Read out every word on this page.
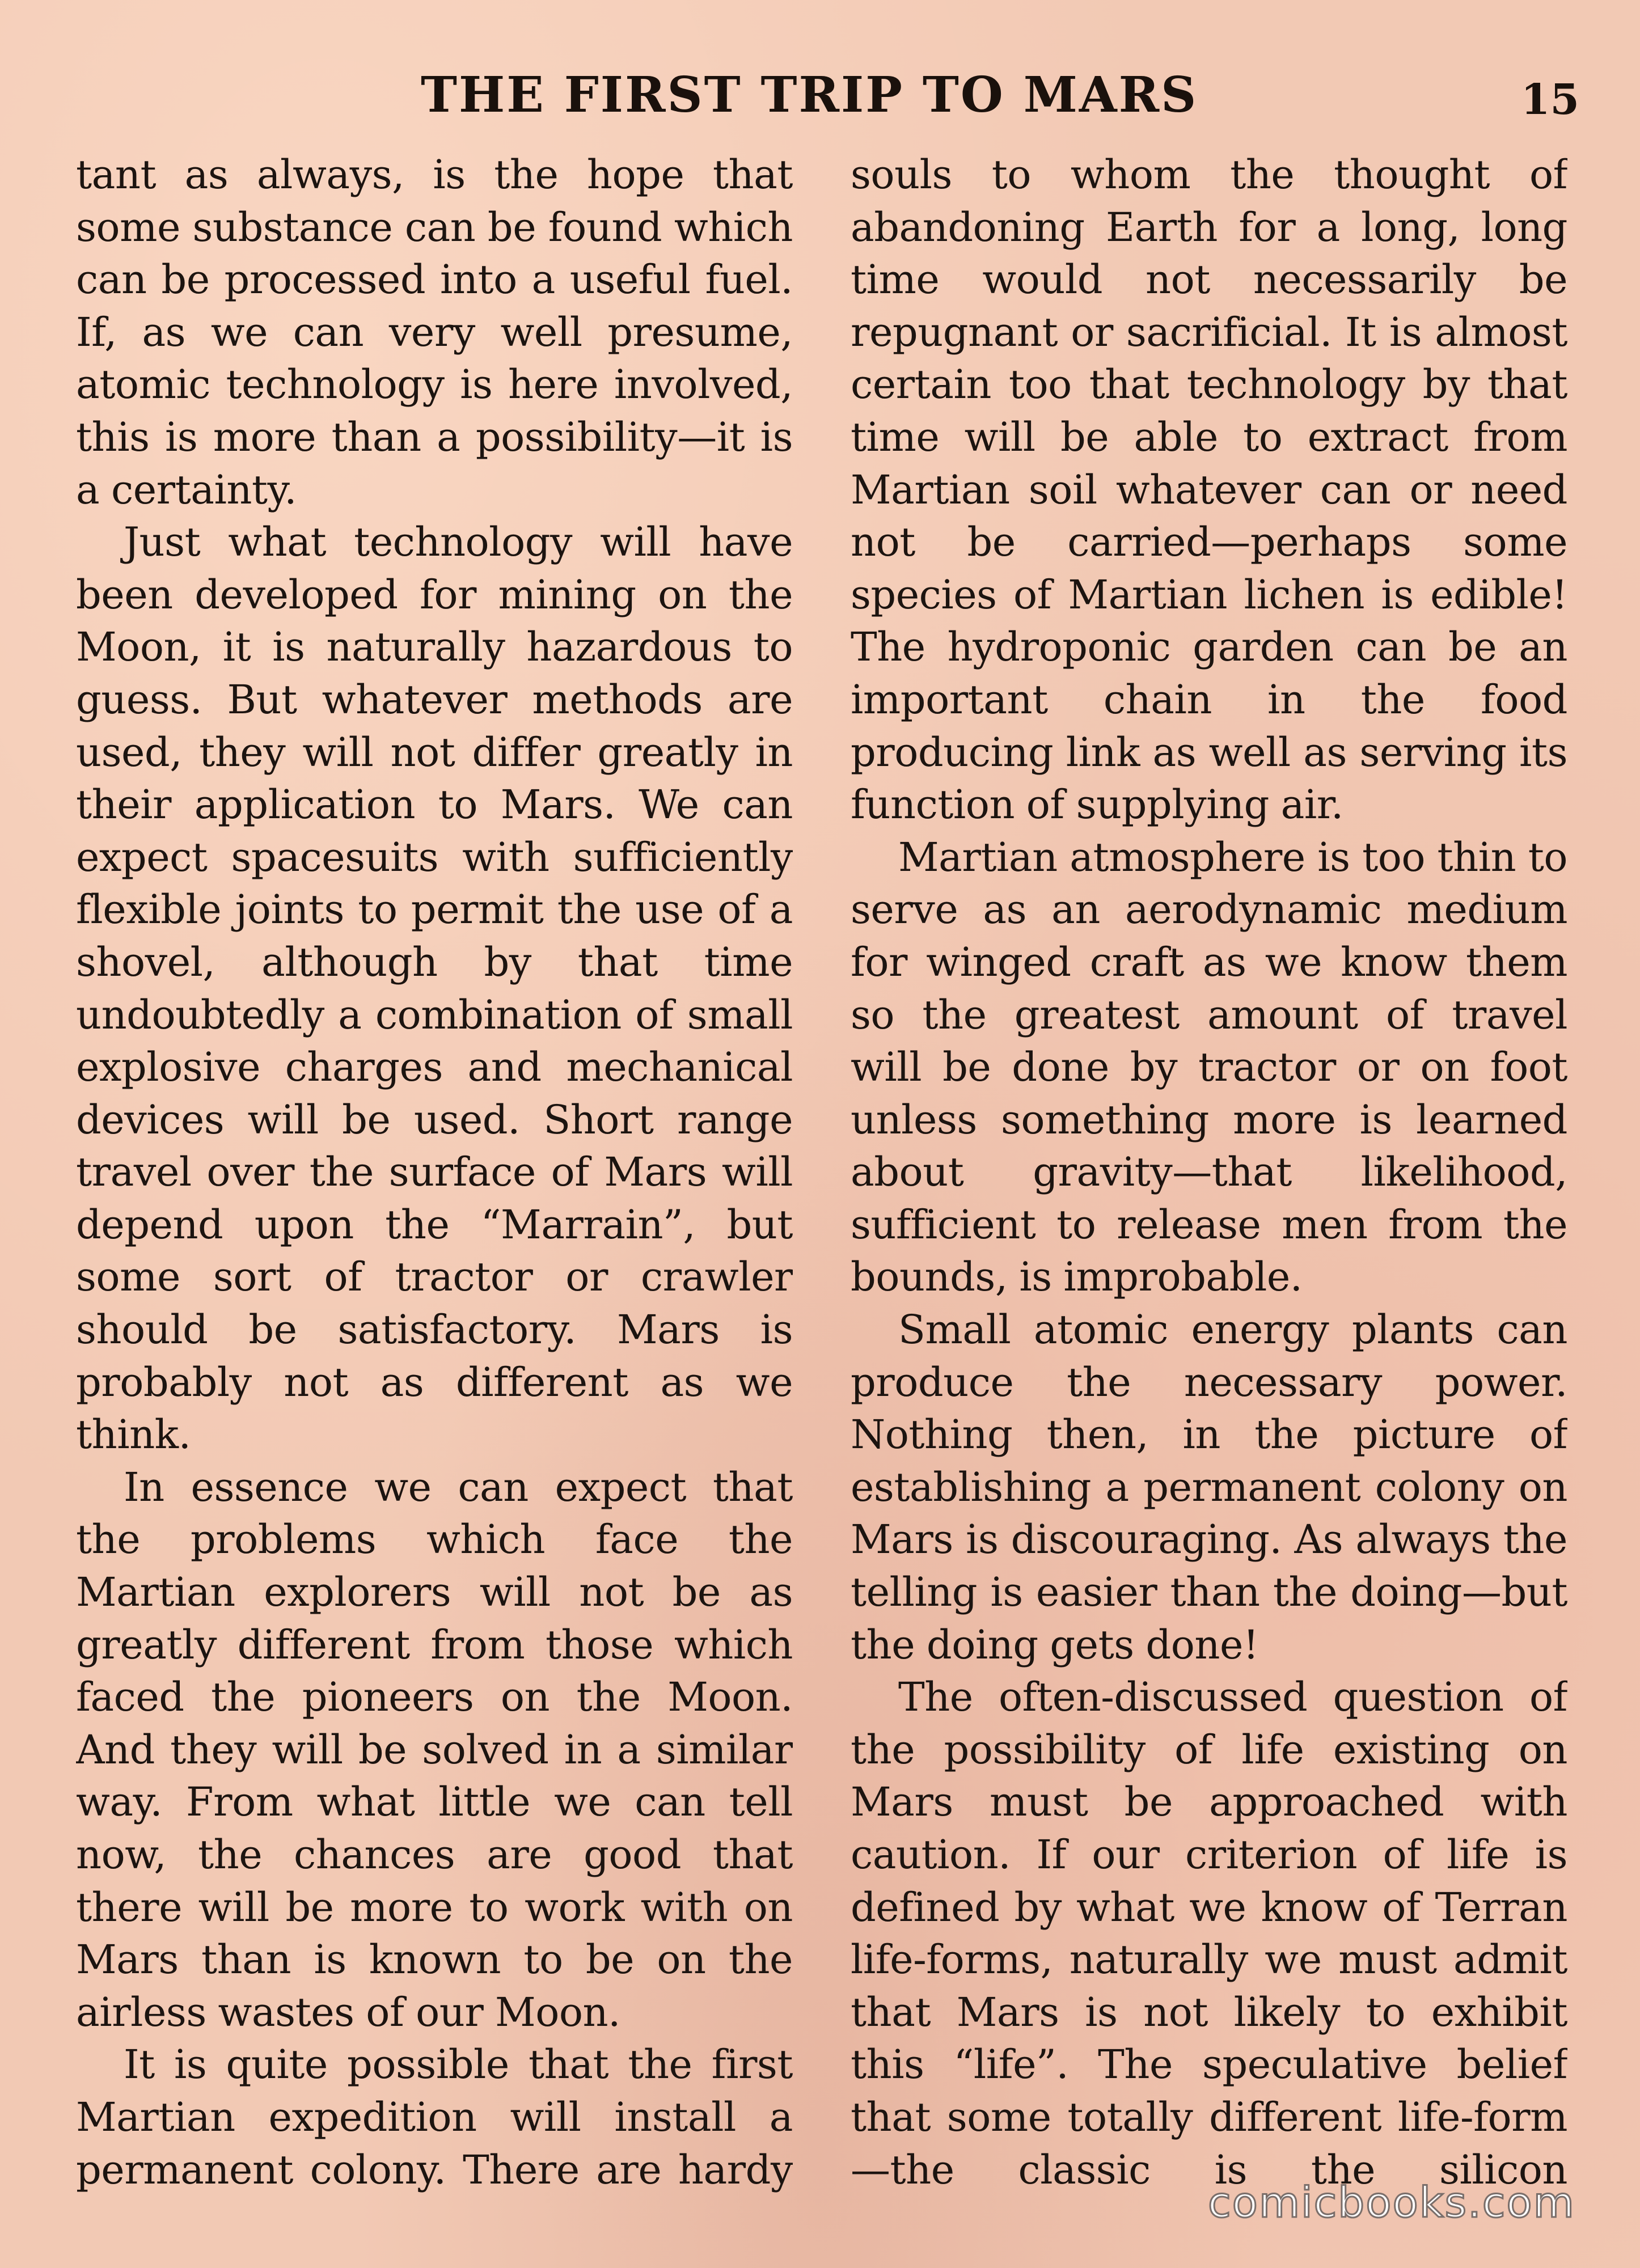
THE FIRST TRIP TO MARS	15

tant as always, is the hope that some substance can be found which can be processed into a useful fuel. If, as we can very well presume, atomic technology is here involved, this is more than a possibility—it is a certainty.

Just what technology will have been developed for mining on the Moon, it is naturally hazardous to guess. But whatever methods are used, they will not differ greatly in their application to Mars. We can expect spacesuits with sufficiently flexible joints to permit the use of a shovel, although by that time undoubtedly a combination of small explosive charges and mechanical devices will be used. Short range travel over the surface of Mars will depend upon the “Marrain”, but some sort of tractor or crawler should be satisfactory. Mars is probably not as different as we think.

In essence we can expect that the problems which face the Martian explorers will not be as greatly different from those which faced the pioneers on the Moon. And they will be solved in a similar way. From what little we can tell now, the chances are good that there will be more to work with on Mars than is known to be on the airless wastes of our Moon.

It is quite possible that the first Martian expedition will install a permanent colony. There are hardy

souls to whom the thought of abandoning Earth for a long, long time would not necessarily be repugnant or sacrificial. It is almost certain too that technology by that time will be able to extract from Martian soil whatever can or need not be carried—perhaps some species of Martian lichen is edible! The hydroponic garden can be an important chain in the food producing link as well as serving its function of supplying air.

Martian atmosphere is too thin to serve as an aerodynamic medium for winged craft as we know them so the greatest amount of travel will be done by tractor or on foot unless something more is learned about gravity—that likelihood, sufficient to release men from the bounds, is improbable.

Small atomic energy plants can produce the necessary power. Nothing then, in the picture of establishing a permanent colony on Mars is discouraging. As always the telling is easier than the doing—but the doing gets done!

The often-discussed question of the possibility of life existing on Mars must be approached with caution. If our criterion of life is defined by what we know of Terran life-forms, naturally we must admit that Mars is not likely to exhibit this “life”. The speculative belief that some totally different life-form—the classic is the silicon

comicbooks.com
